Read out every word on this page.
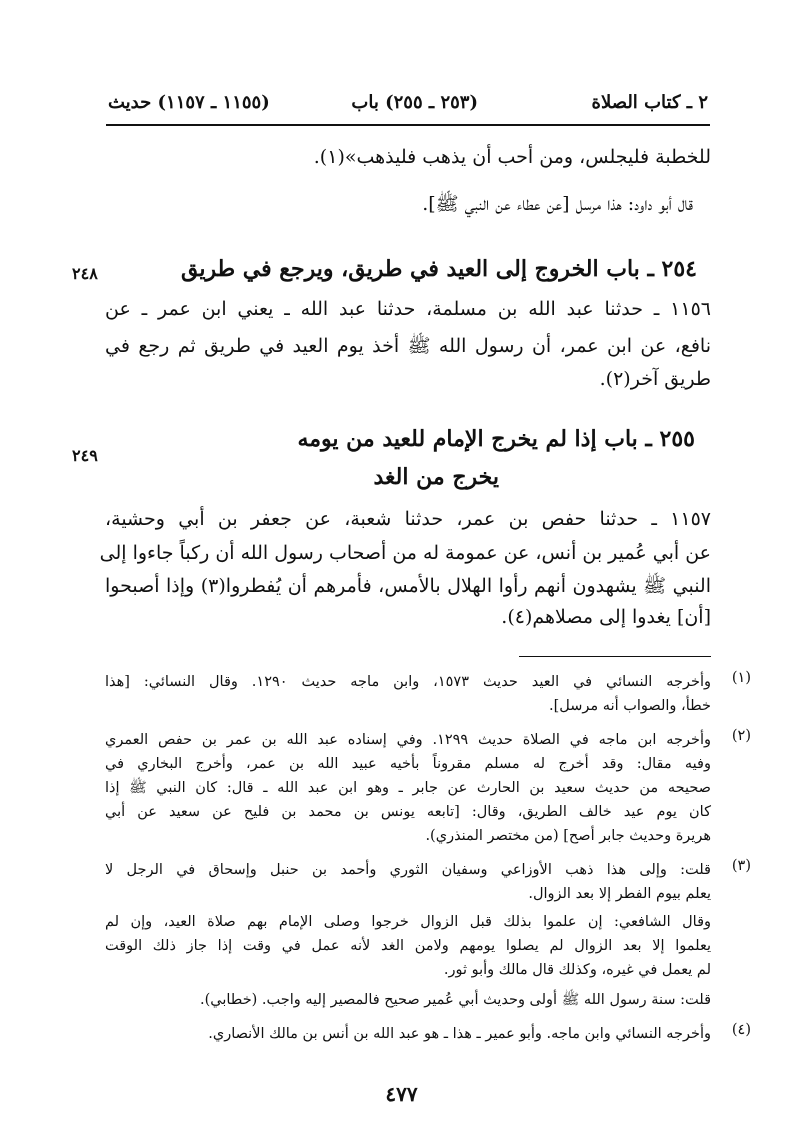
٢ ـ كتاب الصلاة
(٢٥٣ ـ ٢٥٥) باب
(١١٥٥ ـ ١١٥٧) حديث
للخطبة فليجلس، ومن أحب أن يذهب فليذهب»(١).
قال أبو داود: هذا مرسل [عن عطاء عن النبي ﷺ].
٢٤٨	٢٥٤ ـ باب الخروج إلى العيد في طريق، ويرجع في طريق
١١٥٦ ـ حدثنا عبد الله بن مسلمة، حدثنا عبد الله ـ يعني ابن عمر ـ عن
نافع، عن ابن عمر، أن رسول الله ﷺ أخذ يوم العيد في طريق ثم رجع في
طريق آخر(٢).
٢٤٩
٢٥٥ ـ باب إذا لم يخرج الإمام للعيد من يومه
يخرج من الغد
١١٥٧ ـ حدثنا حفص بن عمر، حدثنا شعبة، عن جعفر بن أبي وحشية،
عن أبي عُمير بن أنس، عن عمومة له من أصحاب رسول الله أن ركباً جاءوا إلى
النبي ﷺ يشهدون أنهم رأوا الهلال بالأمس، فأمرهم أن يُفطروا(٣) وإذا أصبحوا
[أن] يغدوا إلى مصلاهم(٤).
(١)
وأخرجه النسائي في العيد حديث ١٥٧٣، وابن ماجه حديث ١٢٩٠. وقال النسائي: [هذا
خطأ، والصواب أنه مرسل].
(٢)
وأخرجه ابن ماجه في الصلاة حديث ١٢٩٩. وفي إسناده عبد الله بن عمر بن حفص العمري
وفيه مقال: وقد أخرج له مسلم مقروناً بأخيه عبيد الله بن عمر، وأخرج البخاري في
صحيحه من حديث سعيد بن الحارث عن جابر ـ وهو ابن عبد الله ـ قال: كان النبي ﷺ إذا
كان يوم عيد خالف الطريق، وقال: [تابعه يونس بن محمد بن فليح عن سعيد عن أبي
هريرة وحديث جابر أصح] (من مختصر المنذري).
(٣)
قلت: وإلى هذا ذهب الأوزاعي وسفيان الثوري وأحمد بن حنبل وإسحاق في الرجل لا
يعلم بيوم الفطر إلا بعد الزوال.
وقال الشافعي: إن علموا بذلك قبل الزوال خرجوا وصلى الإمام بهم صلاة العيد، وإن لم
يعلموا إلا بعد الزوال لم يصلوا يومهم ولامن الغد لأنه عمل في وقت إذا جاز ذلك الوقت
لم يعمل في غيره، وكذلك قال مالك وأبو ثور.
قلت: سنة رسول الله ﷺ أولى وحديث أبي عُمير صحيح فالمصير إليه واجب. (خطابي).
(٤)
وأخرجه النسائي وابن ماجه. وأبو عمير ـ هذا ـ هو عبد الله بن أنس بن مالك الأنصاري.
٤٧٧
